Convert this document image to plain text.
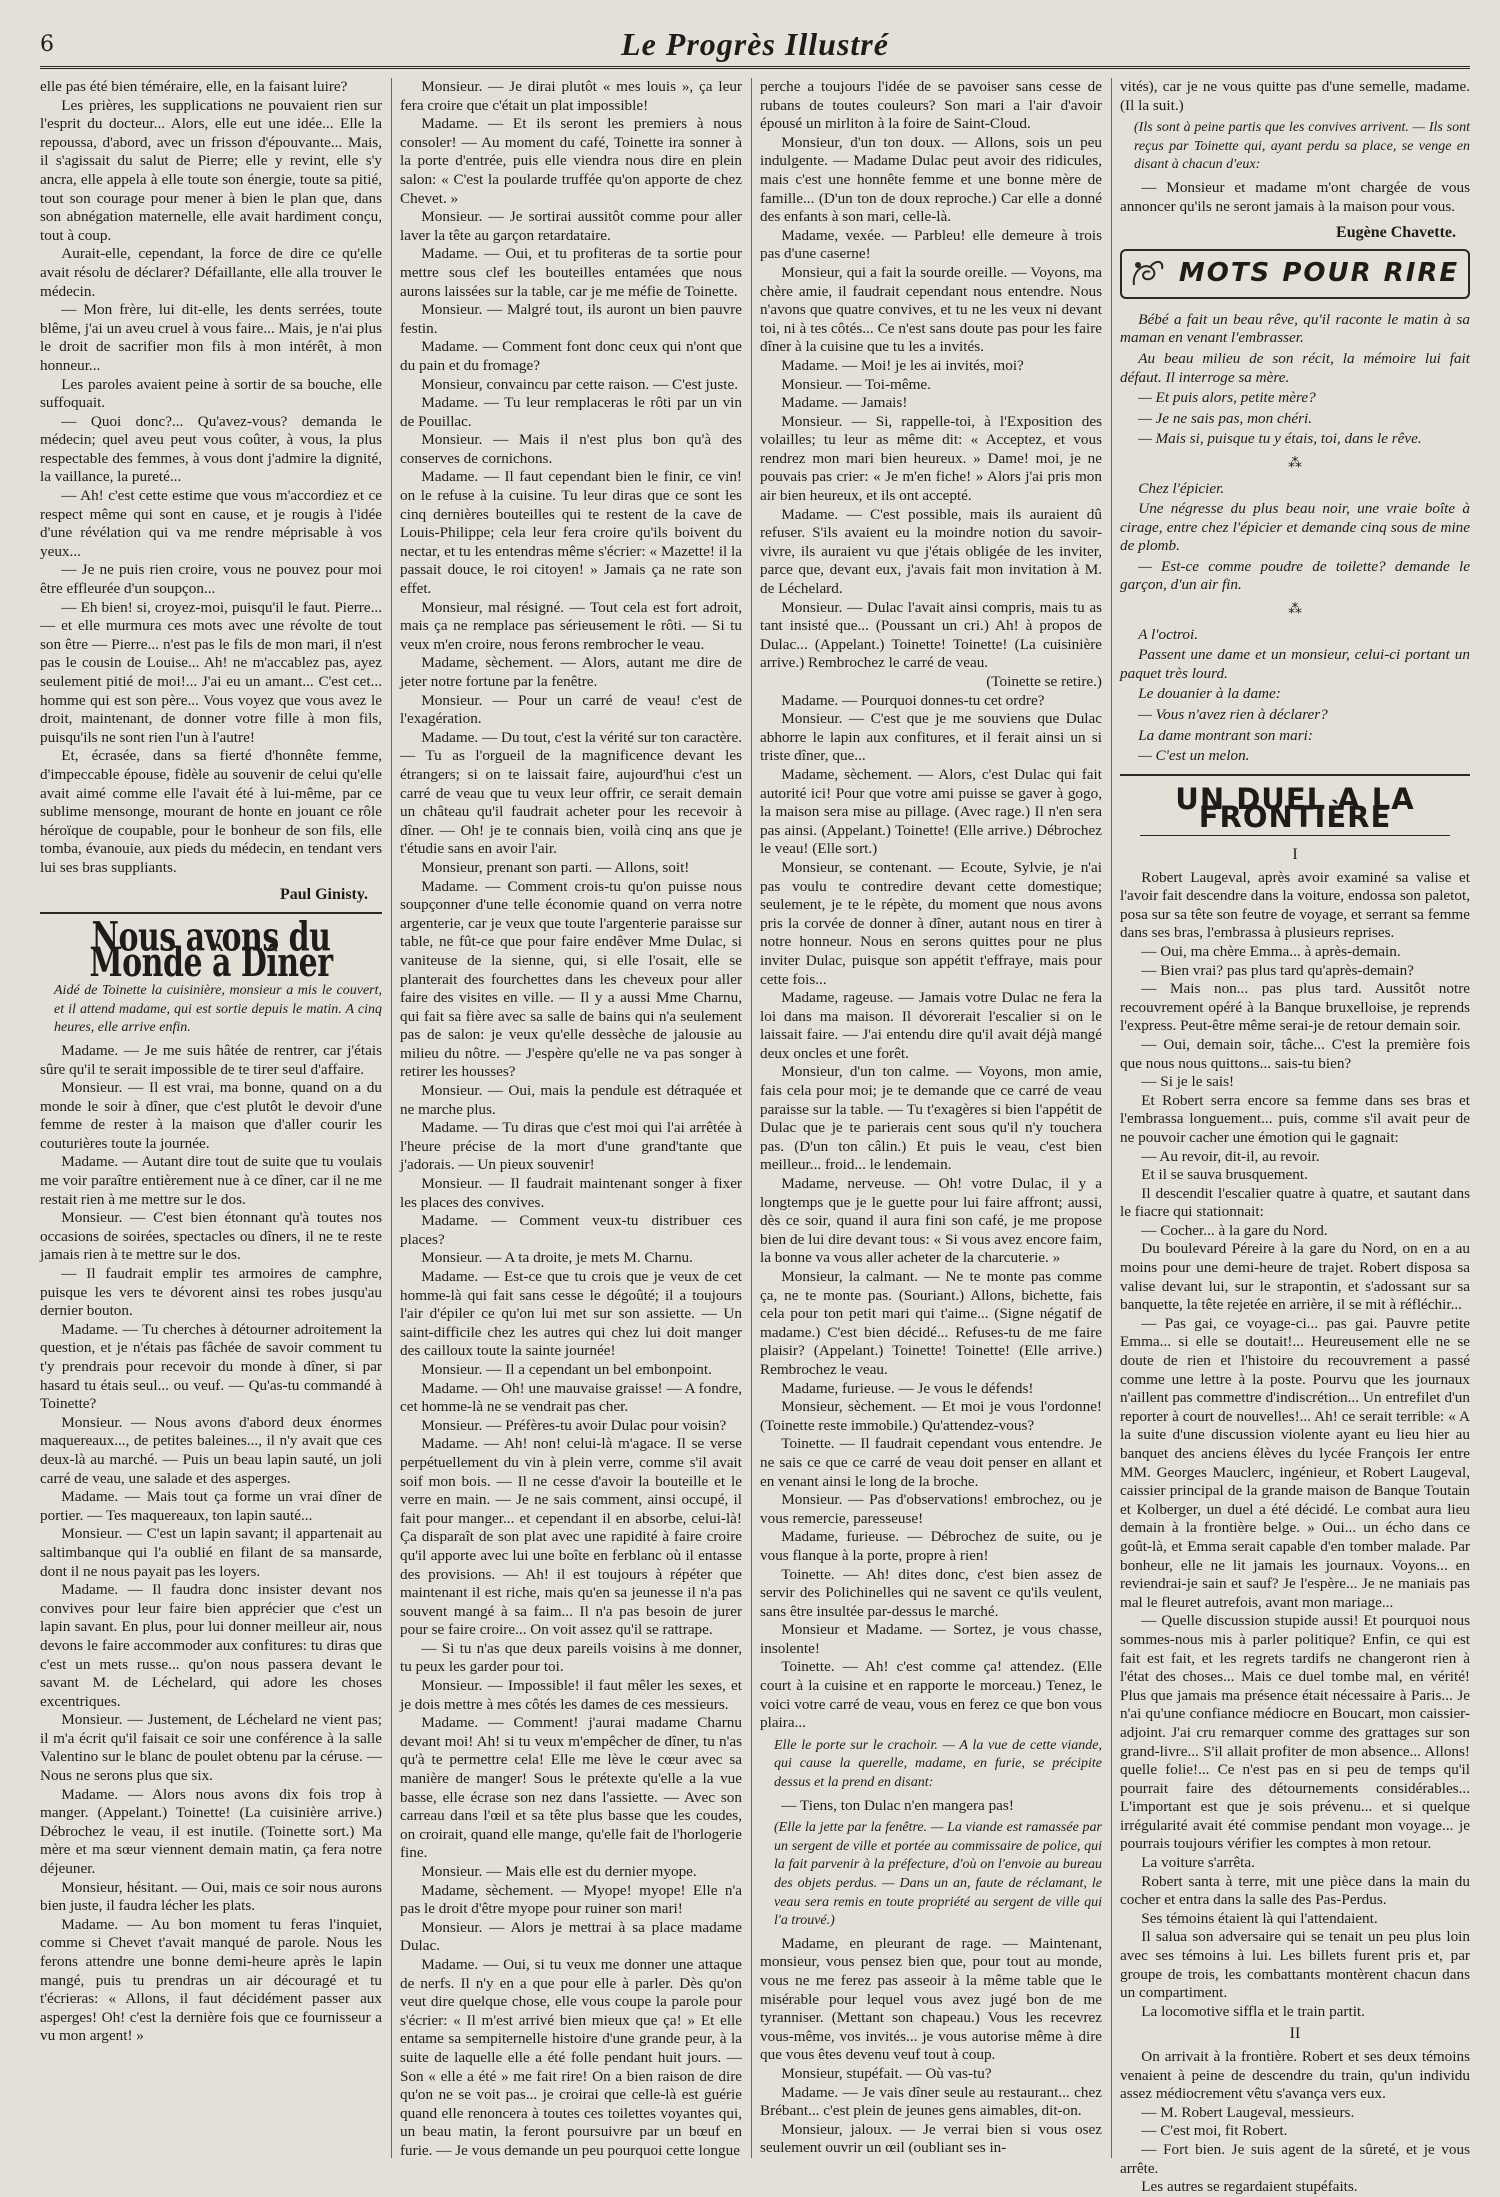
6	Le Progrès Illustré

elle pas été bien téméraire, elle, en la faisant luire?

Les prières, les supplications ne pouvaient rien sur l'esprit du docteur... Alors, elle eut une idée... Elle la repoussa, d'abord, avec un frisson d'épouvante... Mais, il s'agissait du salut de Pierre; elle y revint, elle s'y ancra, elle appela à elle toute son énergie, toute sa pitié, tout son courage pour mener à bien le plan que, dans son abnégation maternelle, elle avait hardiment conçu, tout à coup.

Aurait-elle, cependant, la force de dire ce qu'elle avait résolu de déclarer? Défaillante, elle alla trouver le médecin.

— Mon frère, lui dit-elle, les dents serrées, toute blême, j'ai un aveu cruel à vous faire... Mais, je n'ai plus le droit de sacrifier mon fils à mon intérêt, à mon honneur...

Les paroles avaient peine à sortir de sa bouche, elle suffoquait.

— Quoi donc?... Qu'avez-vous? demanda le médecin; quel aveu peut vous coûter, à vous, la plus respectable des femmes, à vous dont j'admire la dignité, la vaillance, la pureté...

— Ah! c'est cette estime que vous m'accordiez et ce respect même qui sont en cause, et je rougis à l'idée d'une révélation qui va me rendre méprisable à vos yeux...

— Je ne puis rien croire, vous ne pouvez pour moi être effleurée d'un soupçon...

— Eh bien! si, croyez-moi, puisqu'il le faut. Pierre... — et elle murmura ces mots avec une révolte de tout son être — Pierre... n'est pas le fils de mon mari, il n'est pas le cousin de Louise... Ah! ne m'accablez pas, ayez seulement pitié de moi!... J'ai eu un amant... C'est cet... homme qui est son père... Vous voyez que vous avez le droit, maintenant, de donner votre fille à mon fils, puisqu'ils ne sont rien l'un à l'autre!

Et, écrasée, dans sa fierté d'honnête femme, d'impeccable épouse, fidèle au souvenir de celui qu'elle avait aimé comme elle l'avait été à lui-même, par ce sublime mensonge, mourant de honte en jouant ce rôle héroïque de coupable, pour le bonheur de son fils, elle tomba, évanouie, aux pieds du médecin, en tendant vers lui ses bras suppliants.

Paul Ginisty.
Nous avons du Monde à Dîner

Aidé de Toinette la cuisinière, monsieur a mis le couvert, et il attend madame, qui est sortie depuis le matin. A cinq heures, elle arrive enfin.

Madame. — Je me suis hâtée de rentrer, car j'étais sûre qu'il te serait impossible de te tirer seul d'affaire.

Monsieur. — Il est vrai, ma bonne, quand on a du monde le soir à dîner, que c'est plutôt le devoir d'une femme de rester à la maison que d'aller courir les couturières toute la journée.

Madame. — Autant dire tout de suite que tu voulais me voir paraître entièrement nue à ce dîner, car il ne me restait rien à me mettre sur le dos.

Monsieur. — C'est bien étonnant qu'à toutes nos occasions de soirées, spectacles ou dîners, il ne te reste jamais rien à te mettre sur le dos.

— Il faudrait emplir tes armoires de camphre, puisque les vers te dévorent ainsi tes robes jusqu'au dernier bouton.

Madame. — Tu cherches à détourner adroitement la question, et je n'étais pas fâchée de savoir comment tu t'y prendrais pour recevoir du monde à dîner, si par hasard tu étais seul... ou veuf. — Qu'as-tu commandé à Toinette?

Monsieur. — Nous avons d'abord deux énormes maquereaux..., de petites baleines..., il n'y avait que ces deux-là au marché. — Puis un beau lapin sauté, un joli carré de veau, une salade et des asperges.

Madame. — Mais tout ça forme un vrai dîner de portier. — Tes maquereaux, ton lapin sauté...

Monsieur. — C'est un lapin savant; il appartenait au saltimbanque qui l'a oublié en filant de sa mansarde, dont il ne nous payait pas les loyers.

Madame. — Il faudra donc insister devant nos convives pour leur faire bien apprécier que c'est un lapin savant. En plus, pour lui donner meilleur air, nous devons le faire accommoder aux confitures: tu diras que c'est un mets russe... qu'on nous passera devant le savant M. de Léchelard, qui adore les choses excentriques.

Monsieur. — Justement, de Léchelard ne vient pas; il m'a écrit qu'il faisait ce soir une conférence à la salle Valentino sur le blanc de poulet obtenu par la céruse. — Nous ne serons plus que six.

Madame. — Alors nous avons dix fois trop à manger. (Appelant.) Toinette! (La cuisinière arrive.) Débrochez le veau, il est inutile. (Toinette sort.) Ma mère et ma sœur viennent demain matin, ça fera notre déjeuner.

Monsieur, hésitant. — Oui, mais ce soir nous aurons bien juste, il faudra lécher les plats.

Madame. — Au bon moment tu feras l'inquiet, comme si Chevet t'avait manqué de parole. Nous les ferons attendre une bonne demi-heure après le lapin mangé, puis tu prendras un air découragé et tu t'écrieras: « Allons, il faut décidément passer aux asperges! Oh! c'est la dernière fois que ce fournisseur a vu mon argent! »

Monsieur. — Je dirai plutôt « mes louis », ça leur fera croire que c'était un plat impossible!

Madame. — Et ils seront les premiers à nous consoler! — Au moment du café, Toinette ira sonner à la porte d'entrée, puis elle viendra nous dire en plein salon: « C'est la poularde truffée qu'on apporte de chez Chevet. »

Monsieur. — Je sortirai aussitôt comme pour aller laver la tête au garçon retardataire.

Madame. — Oui, et tu profiteras de ta sortie pour mettre sous clef les bouteilles entamées que nous aurons laissées sur la table, car je me méfie de Toinette.

Monsieur. — Malgré tout, ils auront un bien pauvre festin.

Madame. — Comment font donc ceux qui n'ont que du pain et du fromage?

Monsieur, convaincu par cette raison. — C'est juste.

Madame. — Tu leur remplaceras le rôti par un vin de Pouillac.

Monsieur. — Mais il n'est plus bon qu'à des conserves de cornichons.

Madame. — Il faut cependant bien le finir, ce vin! on le refuse à la cuisine. Tu leur diras que ce sont les cinq dernières bouteilles qui te restent de la cave de Louis-Philippe; cela leur fera croire qu'ils boivent du nectar, et tu les entendras même s'écrier: « Mazette! il la passait douce, le roi citoyen! » Jamais ça ne rate son effet.

Monsieur, mal résigné. — Tout cela est fort adroit, mais ça ne remplace pas sérieusement le rôti. — Si tu veux m'en croire, nous ferons rembrocher le veau.

Madame, sèchement. — Alors, autant me dire de jeter notre fortune par la fenêtre.

Monsieur. — Pour un carré de veau! c'est de l'exagération.

Madame. — Du tout, c'est la vérité sur ton caractère. — Tu as l'orgueil de la magnificence devant les étrangers; si on te laissait faire, aujourd'hui c'est un carré de veau que tu veux leur offrir, ce serait demain un château qu'il faudrait acheter pour les recevoir à dîner. — Oh! je te connais bien, voilà cinq ans que je t'étudie sans en avoir l'air.

Monsieur, prenant son parti. — Allons, soit!

Madame. — Comment crois-tu qu'on puisse nous soupçonner d'une telle économie quand on verra notre argenterie, car je veux que toute l'argenterie paraisse sur table, ne fût-ce que pour faire endêver Mme Dulac, si vaniteuse de la sienne, qui, si elle l'osait, elle se planterait des fourchettes dans les cheveux pour aller faire des visites en ville. — Il y a aussi Mme Charnu, qui fait sa fière avec sa salle de bains qui n'a seulement pas de salon: je veux qu'elle dessèche de jalousie au milieu du nôtre. — J'espère qu'elle ne va pas songer à retirer les housses?

Monsieur. — Oui, mais la pendule est détraquée et ne marche plus.

Madame. — Tu diras que c'est moi qui l'ai arrêtée à l'heure précise de la mort d'une grand'tante que j'adorais. — Un pieux souvenir!

Monsieur. — Il faudrait maintenant songer à fixer les places des convives.

Madame. — Comment veux-tu distribuer ces places?

Monsieur. — A ta droite, je mets M. Charnu.

Madame. — Est-ce que tu crois que je veux de cet homme-là qui fait sans cesse le dégoûté; il a toujours l'air d'épiler ce qu'on lui met sur son assiette. — Un saint-difficile chez les autres qui chez lui doit manger des cailloux toute la sainte journée!

Monsieur. — Il a cependant un bel embonpoint.

Madame. — Oh! une mauvaise graisse! — A fondre, cet homme-là ne se vendrait pas cher.

Monsieur. — Préfères-tu avoir Dulac pour voisin?

Madame. — Ah! non! celui-là m'agace. Il se verse perpétuellement du vin à plein verre, comme s'il avait soif mon bois. — Il ne cesse d'avoir la bouteille et le verre en main. — Je ne sais comment, ainsi occupé, il fait pour manger... et cependant il en absorbe, celui-là! Ça disparaît de son plat avec une rapidité à faire croire qu'il apporte avec lui une boîte en ferblanc où il entasse des provisions. — Ah! il est toujours à répéter que maintenant il est riche, mais qu'en sa jeunesse il n'a pas souvent mangé à sa faim... Il n'a pas besoin de jurer pour se faire croire... On voit assez qu'il se rattrape.

— Si tu n'as que deux pareils voisins à me donner, tu peux les garder pour toi.

Monsieur. — Impossible! il faut mêler les sexes, et je dois mettre à mes côtés les dames de ces messieurs.

Madame. — Comment! j'aurai madame Charnu devant moi! Ah! si tu veux m'empêcher de dîner, tu n'as qu'à te permettre cela! Elle me lève le cœur avec sa manière de manger! Sous le prétexte qu'elle a la vue basse, elle écrase son nez dans l'assiette. — Avec son carreau dans l'œil et sa tête plus basse que les coudes, on croirait, quand elle mange, qu'elle fait de l'horlogerie fine.

Monsieur. — Mais elle est du dernier myope.

Madame, sèchement. — Myope! myope! Elle n'a pas le droit d'être myope pour ruiner son mari!

Monsieur. — Alors je mettrai à sa place madame Dulac.

Madame. — Oui, si tu veux me donner une attaque de nerfs. Il n'y en a que pour elle à parler. Dès qu'on veut dire quelque chose, elle vous coupe la parole pour s'écrier: « Il m'est arrivé bien mieux que ça! » Et elle entame sa sempiternelle histoire d'une grande peur, à la suite de laquelle elle a été folle pendant huit jours. — Son « elle a été » me fait rire! On a bien raison de dire qu'on ne se voit pas... je croirai que celle-là est guérie quand elle renoncera à toutes ces toilettes voyantes qui, un beau matin, la feront poursuivre par un bœuf en furie. — Je vous demande un peu pourquoi cette longue

perche a toujours l'idée de se pavoiser sans cesse de rubans de toutes couleurs? Son mari a l'air d'avoir épousé un mirliton à la foire de Saint-Cloud.

Monsieur, d'un ton doux. — Allons, sois un peu indulgente. — Madame Dulac peut avoir des ridicules, mais c'est une honnête femme et une bonne mère de famille... (D'un ton de doux reproche.) Car elle a donné des enfants à son mari, celle-là.

Madame, vexée. — Parbleu! elle demeure à trois pas d'une caserne!

Monsieur, qui a fait la sourde oreille. — Voyons, ma chère amie, il faudrait cependant nous entendre. Nous n'avons que quatre convives, et tu ne les veux ni devant toi, ni à tes côtés... Ce n'est sans doute pas pour les faire dîner à la cuisine que tu les a invités.

Madame. — Moi! je les ai invités, moi?

Monsieur. — Toi-même.

Madame. — Jamais!

Monsieur. — Si, rappelle-toi, à l'Exposition des volailles; tu leur as même dit: « Acceptez, et vous rendrez mon mari bien heureux. » Dame! moi, je ne pouvais pas crier: « Je m'en fiche! » Alors j'ai pris mon air bien heureux, et ils ont accepté.

Madame. — C'est possible, mais ils auraient dû refuser. S'ils avaient eu la moindre notion du savoir-vivre, ils auraient vu que j'étais obligée de les inviter, parce que, devant eux, j'avais fait mon invitation à M. de Léchelard.

Monsieur. — Dulac l'avait ainsi compris, mais tu as tant insisté que... (Poussant un cri.) Ah! à propos de Dulac... (Appelant.) Toinette! Toinette! (La cuisinière arrive.) Rembrochez le carré de veau.

(Toinette se retire.)

Madame. — Pourquoi donnes-tu cet ordre?

Monsieur. — C'est que je me souviens que Dulac abhorre le lapin aux confitures, et il ferait ainsi un si triste dîner, que...

Madame, sèchement. — Alors, c'est Dulac qui fait autorité ici! Pour que votre ami puisse se gaver à gogo, la maison sera mise au pillage. (Avec rage.) Il n'en sera pas ainsi. (Appelant.) Toinette! (Elle arrive.) Débrochez le veau! (Elle sort.)

Monsieur, se contenant. — Ecoute, Sylvie, je n'ai pas voulu te contredire devant cette domestique; seulement, je te le répète, du moment que nous avons pris la corvée de donner à dîner, autant nous en tirer à notre honneur. Nous en serons quittes pour ne plus inviter Dulac, puisque son appétit t'effraye, mais pour cette fois...

Madame, rageuse. — Jamais votre Dulac ne fera la loi dans ma maison. Il dévorerait l'escalier si on le laissait faire. — J'ai entendu dire qu'il avait déjà mangé deux oncles et une forêt.

Monsieur, d'un ton calme. — Voyons, mon amie, fais cela pour moi; je te demande que ce carré de veau paraisse sur la table. — Tu t'exagères si bien l'appétit de Dulac que je te parierais cent sous qu'il n'y touchera pas. (D'un ton câlin.) Et puis le veau, c'est bien meilleur... froid... le lendemain.

Madame, nerveuse. — Oh! votre Dulac, il y a longtemps que je le guette pour lui faire affront; aussi, dès ce soir, quand il aura fini son café, je me propose bien de lui dire devant tous: « Si vous avez encore faim, la bonne va vous aller acheter de la charcuterie. »

Monsieur, la calmant. — Ne te monte pas comme ça, ne te monte pas. (Souriant.) Allons, bichette, fais cela pour ton petit mari qui t'aime... (Signe négatif de madame.) C'est bien décidé... Refuses-tu de me faire plaisir? (Appelant.) Toinette! Toinette! (Elle arrive.) Rembrochez le veau.

Madame, furieuse. — Je vous le défends!

Monsieur, sèchement. — Et moi je vous l'ordonne! (Toinette reste immobile.) Qu'attendez-vous?

Toinette. — Il faudrait cependant vous entendre. Je ne sais ce que ce carré de veau doit penser en allant et en venant ainsi le long de la broche.

Monsieur. — Pas d'observations! embrochez, ou je vous remercie, paresseuse!

Madame, furieuse. — Débrochez de suite, ou je vous flanque à la porte, propre à rien!

Toinette. — Ah! dites donc, c'est bien assez de servir des Polichinelles qui ne savent ce qu'ils veulent, sans être insultée par-dessus le marché.

Monsieur et Madame. — Sortez, je vous chasse, insolente!

Toinette. — Ah! c'est comme ça! attendez. (Elle court à la cuisine et en rapporte le morceau.) Tenez, le voici votre carré de veau, vous en ferez ce que bon vous plaira...

Elle le porte sur le crachoir. — A la vue de cette viande, qui cause la querelle, madame, en furie, se précipite dessus et la prend en disant:

— Tiens, ton Dulac n'en mangera pas!

(Elle la jette par la fenêtre. — La viande est ramassée par un sergent de ville et portée au commissaire de police, qui la fait parvenir à la préfecture, d'où on l'envoie au bureau des objets perdus. — Dans un an, faute de réclamant, le veau sera remis en toute propriété au sergent de ville qui l'a trouvé.)

Madame, en pleurant de rage. — Maintenant, monsieur, vous pensez bien que, pour tout au monde, vous ne me ferez pas asseoir à la même table que le misérable pour lequel vous avez jugé bon de me tyranniser. (Mettant son chapeau.) Vous les recevrez vous-même, vos invités... je vous autorise même à dire que vous êtes devenu veuf tout à coup.

Monsieur, stupéfait. — Où vas-tu?

Madame. — Je vais dîner seule au restaurant... chez Brébant... c'est plein de jeunes gens aimables, dit-on.

Monsieur, jaloux. — Je verrai bien si vous osez seulement ouvrir un œil (oubliant ses in-

vités), car je ne vous quitte pas d'une semelle, madame. (Il la suit.)

(Ils sont à peine partis que les convives arrivent. — Ils sont reçus par Toinette qui, ayant perdu sa place, se venge en disant à chacun d'eux:

— Monsieur et madame m'ont chargée de vous annoncer qu'ils ne seront jamais à la maison pour vous.

Eugène Chavette.
MOTS POUR RIRE

Bébé a fait un beau rêve, qu'il raconte le matin à sa maman en venant l'embrasser.

Au beau milieu de son récit, la mémoire lui fait défaut. Il interroge sa mère.

— Et puis alors, petite mère?

— Je ne sais pas, mon chéri.

— Mais si, puisque tu y étais, toi, dans le rêve.

⁂

Chez l'épicier.

Une négresse du plus beau noir, une vraie boîte à cirage, entre chez l'épicier et demande cinq sous de mine de plomb.

— Est-ce comme poudre de toilette? demande le garçon, d'un air fin.

⁂

A l'octroi.

Passent une dame et un monsieur, celui-ci portant un paquet très lourd.

Le douanier à la dame:

— Vous n'avez rien à déclarer?

La dame montrant son mari:

— C'est un melon.

UN DUEL A LA FRONTIÈRE
I

Robert Laugeval, après avoir examiné sa valise et l'avoir fait descendre dans la voiture, endossa son paletot, posa sur sa tête son feutre de voyage, et serrant sa femme dans ses bras, l'embrassa à plusieurs reprises.

— Oui, ma chère Emma... à après-demain.

— Bien vrai? pas plus tard qu'après-demain?

— Mais non... pas plus tard. Aussitôt notre recouvrement opéré à la Banque bruxelloise, je reprends l'express. Peut-être même serai-je de retour demain soir.

— Oui, demain soir, tâche... C'est la première fois que nous nous quittons... sais-tu bien?

— Si je le sais!

Et Robert serra encore sa femme dans ses bras et l'embrassa longuement... puis, comme s'il avait peur de ne pouvoir cacher une émotion qui le gagnait:

— Au revoir, dit-il, au revoir.

Et il se sauva brusquement.

Il descendit l'escalier quatre à quatre, et sautant dans le fiacre qui stationnait:

— Cocher... à la gare du Nord.

Du boulevard Péreire à la gare du Nord, on en a au moins pour une demi-heure de trajet. Robert disposa sa valise devant lui, sur le strapontin, et s'adossant sur sa banquette, la tête rejetée en arrière, il se mit à réfléchir...

— Pas gai, ce voyage-ci... pas gai. Pauvre petite Emma... si elle se doutait!... Heureusement elle ne se doute de rien et l'histoire du recouvrement a passé comme une lettre à la poste. Pourvu que les journaux n'aillent pas commettre d'indiscrétion... Un entrefilet d'un reporter à court de nouvelles!... Ah! ce serait terrible: « A la suite d'une discussion violente ayant eu lieu hier au banquet des anciens élèves du lycée François Ier entre MM. Georges Mauclerc, ingénieur, et Robert Laugeval, caissier principal de la grande maison de Banque Toutain et Kolberger, un duel a été décidé. Le combat aura lieu demain à la frontière belge. » Oui... un écho dans ce goût-là, et Emma serait capable d'en tomber malade. Par bonheur, elle ne lit jamais les journaux. Voyons... en reviendrai-je sain et sauf? Je l'espère... Je ne maniais pas mal le fleuret autrefois, avant mon mariage...

— Quelle discussion stupide aussi! Et pourquoi nous sommes-nous mis à parler politique? Enfin, ce qui est fait est fait, et les regrets tardifs ne changeront rien à l'état des choses... Mais ce duel tombe mal, en vérité! Plus que jamais ma présence était nécessaire à Paris... Je n'ai qu'une confiance médiocre en Boucart, mon caissier-adjoint. J'ai cru remarquer comme des grattages sur son grand-livre... S'il allait profiter de mon absence... Allons! quelle folie!... Ce n'est pas en si peu de temps qu'il pourrait faire des détournements considérables... L'important est que je sois prévenu... et si quelque irrégularité avait été commise pendant mon voyage... je pourrais toujours vérifier les comptes à mon retour.

La voiture s'arrêta.

Robert santa à terre, mit une pièce dans la main du cocher et entra dans la salle des Pas-Perdus.

Ses témoins étaient là qui l'attendaient.

Il salua son adversaire qui se tenait un peu plus loin avec ses témoins à lui. Les billets furent pris et, par groupe de trois, les combattants montèrent chacun dans un compartiment.

La locomotive siffla et le train partit.

II

On arrivait à la frontière. Robert et ses deux témoins venaient à peine de descendre du train, qu'un individu assez médiocrement vêtu s'avança vers eux.

— M. Robert Laugeval, messieurs.

— C'est moi, fit Robert.

— Fort bien. Je suis agent de la sûreté, et je vous arrête.

Les autres se regardaient stupéfaits.
